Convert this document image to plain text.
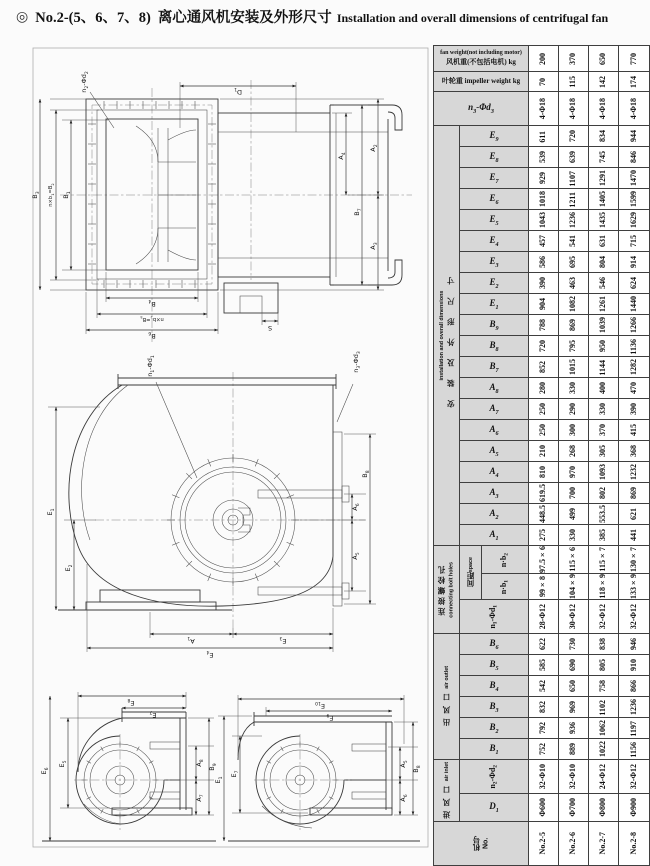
◎ No.2-(5、6、7、8) 离心通风机安装及外形尺寸 Installation and overall dimensions of centrifugal fan
$D_1$
$n_2-\Phi d_2$
$B_3$
$n\times b_1=B_2$
$B_1$
$B_4$
$n\times b_2=B_5$
$B_6$
S
$A_4$
$B_7$
$A_2$
$A_3$
$n_1-\Phi d_1$
$n_3-\Phi d_3$
$E_1$
$E_2$
$A_1$	$E_3$
$E_4$
$A_6$
$A_5$
$B_8$
$E_8$
$E_7$
$E_5$
$E_6$
$A_8$
$A_7$
$B_9$
$E_{10}$
$E_9$
$E_1$
$E_7$
$A_5$
$A_6$
$B_8$
fan weight(not including motor)
风机重(不包括电机) kg			200	370	650	770

叶轮重 impeller weight kg			70	115	142	174

$n_3-\Phi d_3$			4-Φ18	4-Φ18	4-Φ18	4-Φ18

installation and overall dimensions 安装及外形尺寸	$E_9$		611	720	834	944

	$E_8$		539	639	745	846

	$E_7$		929	1107	1291	1470

	$E_6$		1018	1211	1405	1599

	$E_5$		1043	1236	1435	1629

	$E_4$		457	541	631	715

	$E_3$		586	695	804	914

	$E_2$		390	463	546	624

	$E_1$		904	1082	1261	1440

	$B_9$		788	869	1039	1266

	$B_8$		720	795	950	1136

	$B_7$		852	1015	1144	1282

	$A_8$		280	330	400	470

	$A_7$		250	290	330	390

	$A_6$		250	300	370	415

	$A_5$		210	268	305	368

	$A_4$		810	970	1093	1232

	$A_3$		619.5	700	802	869

	$A_2$		448.5	499	553.5	621

	$A_1$		275	330	385	441

连接螺栓孔 connecting bolt holes	间距space	$n\cdot b_2$	97.5×6	115×6	115×7	130×7
		$n\cdot b_1$	99×8	104×9	118×9	133×9
	$n_1-\Phi d_1$		28-Φ12	30-Φ12	32-Φ12	32-Φ12

出风口air outlet	$B_6$		622	730	838	946

	$B_5$		585	690	805	910

	$B_4$		542	650	758	866

	$B_3$		832	969	1102	1236

	$B_2$		792	936	1062	1197

	$B_1$		752	889	1022	1156

进风口air inlet	$n_2-\Phi d_2$		32-Φ10	32-Φ10	24-Φ12	32-Φ12

	$D_1$		Φ600	Φ700	Φ800	Φ900

机号 No.			No.2-5	No.2-6	No.2-7	No.2-8
